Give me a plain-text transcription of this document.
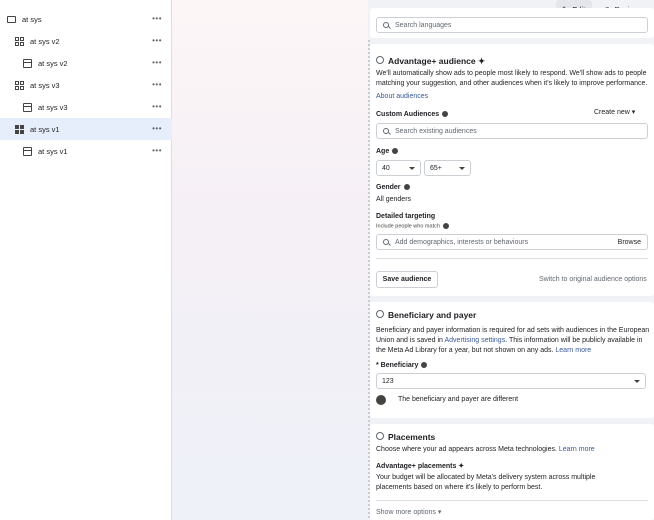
at sys	•••
at sys v2	•••
at sys v2	•••
at sys v3	•••
at sys v3	•••
at sys v1	•••
at sys v1	•••
Search languages
Advantage+ audience ✦
We'll automatically show ads to people most likely to respond. We'll show ads to people matching your suggestion, and other audiences when it's likely to improve performance.
About audiences
Custom Audiences	Create new ▾
Search existing audiences
Age
40	65+
Gender
All genders
Detailed targeting
Include people who match
Add demographics, interests or behaviours	Browse
Save audience	Switch to original audience options
Beneficiary and payer
Beneficiary and payer information is required for ad sets with audiences in the European Union and is saved in Advertising settings. This information will be publicly available in the Meta Ad Library for a year, but not shown on any ads. Learn more
* Beneficiary
123
The beneficiary and payer are different
Placements
Choose where your ad appears across Meta technologies. Learn more
Advantage+ placements ✦
Your budget will be allocated by Meta's delivery system across multiple placements based on where it's likely to perform best.
Show more options ▾
